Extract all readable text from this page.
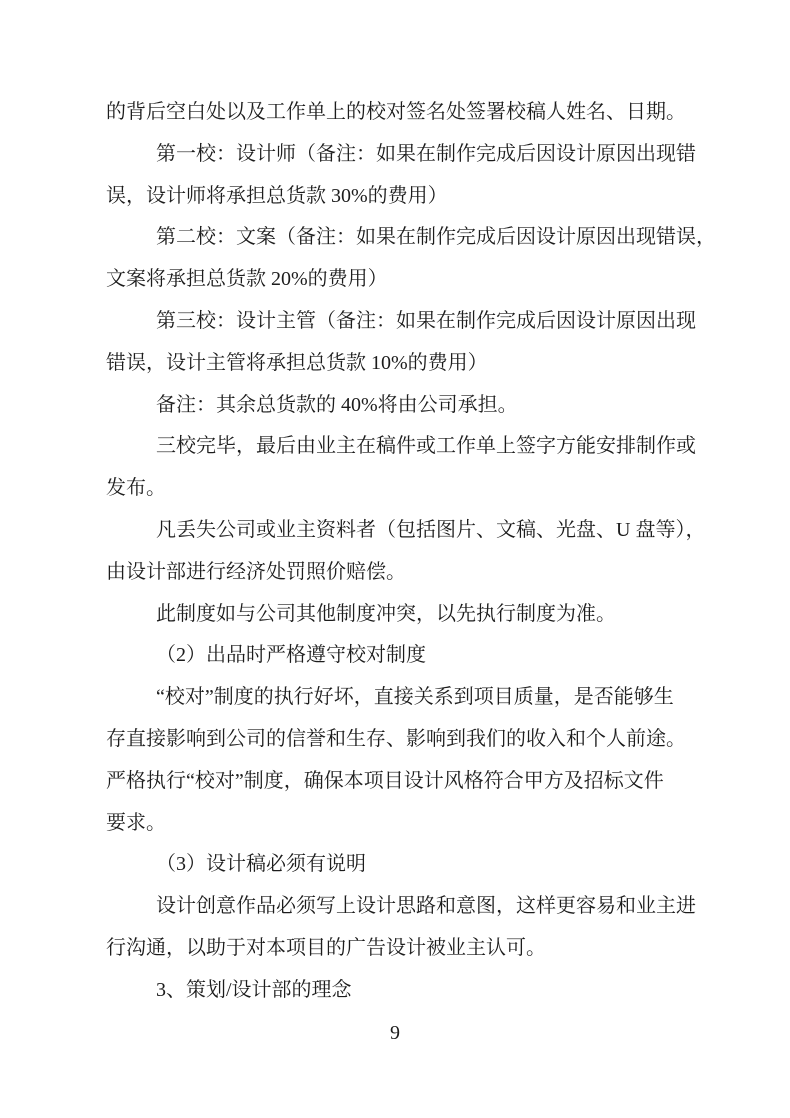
的背后空白处以及工作单上的校对签名处签署校稿人姓名、日期。
第一校：设计师（备注：如果在制作完成后因设计原因出现错
误，设计师将承担总货款 30%的费用）
第二校：文案（备注：如果在制作完成后因设计原因出现错误，
文案将承担总货款 20%的费用）
第三校：设计主管（备注：如果在制作完成后因设计原因出现
错误，设计主管将承担总货款 10%的费用）
备注：其余总货款的 40%将由公司承担。
三校完毕，最后由业主在稿件或工作单上签字方能安排制作或
发布。
凡丢失公司或业主资料者（包括图片、文稿、光盘、U 盘等），
由设计部进行经济处罚照价赔偿。
此制度如与公司其他制度冲突，以先执行制度为准。
（2）出品时严格遵守校对制度
“校对”制度的执行好坏，直接关系到项目质量，是否能够生
存直接影响到公司的信誉和生存、影响到我们的收入和个人前途。
严格执行“校对”制度，确保本项目设计风格符合甲方及招标文件
要求。
（3）设计稿必须有说明
设计创意作品必须写上设计思路和意图，这样更容易和业主进
行沟通，以助于对本项目的广告设计被业主认可。
3、策划/设计部的理念
9
